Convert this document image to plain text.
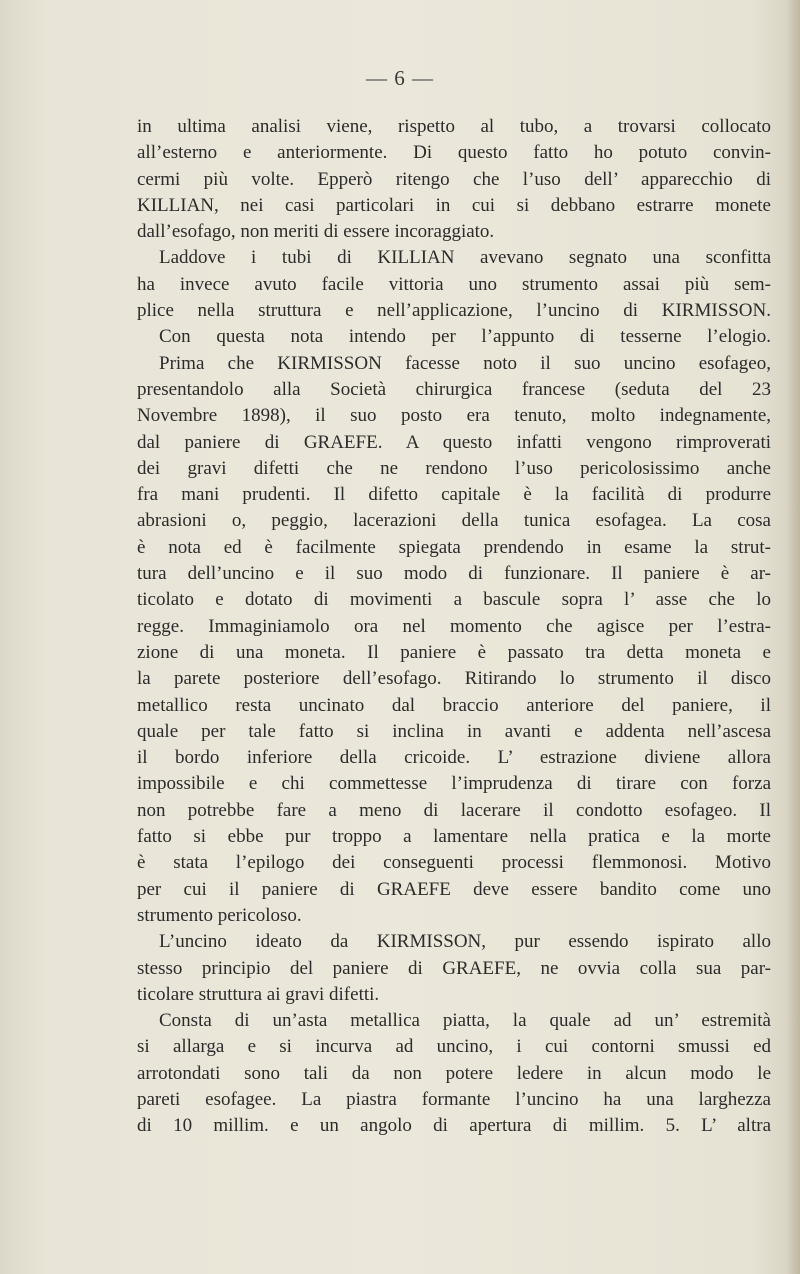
— 6 —
in ultima analisi viene, rispetto al tubo, a trovarsi collocato
all’esterno e anteriormente. Di questo fatto ho potuto convin-
cermi più volte. Epperò ritengo che l’uso dell’ apparecchio di
KILLIAN, nei casi particolari in cui si debbano estrarre monete
dall’esofago, non meriti di essere incoraggiato.
Laddove i tubi di KILLIAN avevano segnato una sconfitta
ha invece avuto facile vittoria uno strumento assai più sem-
plice nella struttura e nell’applicazione, l’uncino di KIRMISSON.
Con questa nota intendo per l’appunto di tesserne l’elogio.
Prima che KIRMISSON facesse noto il suo uncino esofageo,
presentandolo alla Società chirurgica francese (seduta del 23
Novembre 1898), il suo posto era tenuto, molto indegnamente,
dal paniere di GRAEFE. A questo infatti vengono rimproverati
dei gravi difetti che ne rendono l’uso pericolosissimo anche
fra mani prudenti. Il difetto capitale è la facilità di produrre
abrasioni o, peggio, lacerazioni della tunica esofagea. La cosa
è nota ed è facilmente spiegata prendendo in esame la strut-
tura dell’uncino e il suo modo di funzionare. Il paniere è ar-
ticolato e dotato di movimenti a bascule sopra l’ asse che lo
regge. Immaginiamolo ora nel momento che agisce per l’estra-
zione di una moneta. Il paniere è passato tra detta moneta e
la parete posteriore dell’esofago. Ritirando lo strumento il disco
metallico resta uncinato dal braccio anteriore del paniere, il
quale per tale fatto si inclina in avanti e addenta nell’ascesa
il bordo inferiore della cricoide. L’ estrazione diviene allora
impossibile e chi commettesse l’imprudenza di tirare con forza
non potrebbe fare a meno di lacerare il condotto esofageo. Il
fatto si ebbe pur troppo a lamentare nella pratica e la morte
è stata l’epilogo dei conseguenti processi flemmonosi. Motivo
per cui il paniere di GRAEFE deve essere bandito come uno
strumento pericoloso.
L’uncino ideato da KIRMISSON, pur essendo ispirato allo
stesso principio del paniere di GRAEFE, ne ovvia colla sua par-
ticolare struttura ai gravi difetti.
Consta di un’asta metallica piatta, la quale ad un’ estremità
si allarga e si incurva ad uncino, i cui contorni smussi ed
arrotondati sono tali da non potere ledere in alcun modo le
pareti esofagee. La piastra formante l’uncino ha una larghezza
di 10 millim. e un angolo di apertura di millim. 5. L’ altra
